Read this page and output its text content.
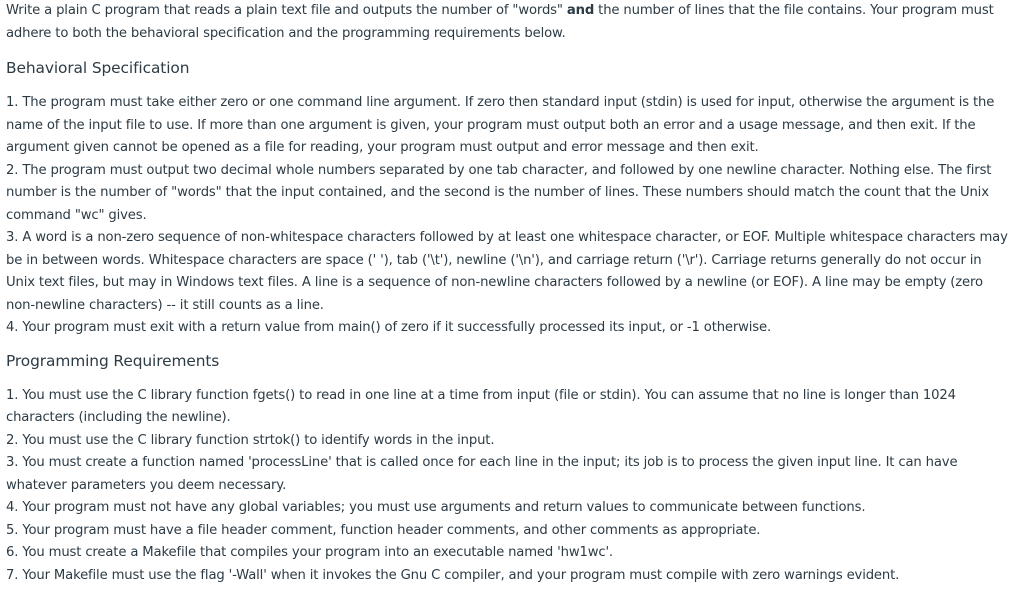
Write a plain C program that reads a plain text file and outputs the number of "words" and the number of lines that the file contains. Your program must adhere to both the behavioral specification and the programming requirements below.

Behavioral Specification
1. The program must take either zero or one command line argument. If zero then standard input (stdin) is used for input, otherwise the argument is the name of the input file to use. If more than one argument is given, your program must output both an error and a usage message, and then exit. If the argument given cannot be opened as a file for reading, your program must output and error message and then exit.
2. The program must output two decimal whole numbers separated by one tab character, and followed by one newline character. Nothing else. The first number is the number of "words" that the input contained, and the second is the number of lines. These numbers should match the count that the Unix command "wc" gives.
3. A word is a non-zero sequence of non-whitespace characters followed by at least one whitespace character, or EOF. Multiple whitespace characters may be in between words. Whitespace characters are space (' '), tab ('\t'), newline ('\n'), and carriage return ('\r'). Carriage returns generally do not occur in Unix text files, but may in Windows text files. A line is a sequence of non-newline characters followed by a newline (or EOF). A line may be empty (zero non-newline characters) -- it still counts as a line.
4. Your program must exit with a return value from main() of zero if it successfully processed its input, or -1 otherwise.
Programming Requirements
1. You must use the C library function fgets() to read in one line at a time from input (file or stdin). You can assume that no line is longer than 1024 characters (including the newline).
2. You must use the C library function strtok() to identify words in the input.
3. You must create a function named 'processLine' that is called once for each line in the input; its job is to process the given input line. It can have whatever parameters you deem necessary.
4. Your program must not have any global variables; you must use arguments and return values to communicate between functions.
5. Your program must have a file header comment, function header comments, and other comments as appropriate.
6. You must create a Makefile that compiles your program into an executable named 'hw1wc'.
7. Your Makefile must use the flag '-Wall' when it invokes the Gnu C compiler, and your program must compile with zero warnings evident.
